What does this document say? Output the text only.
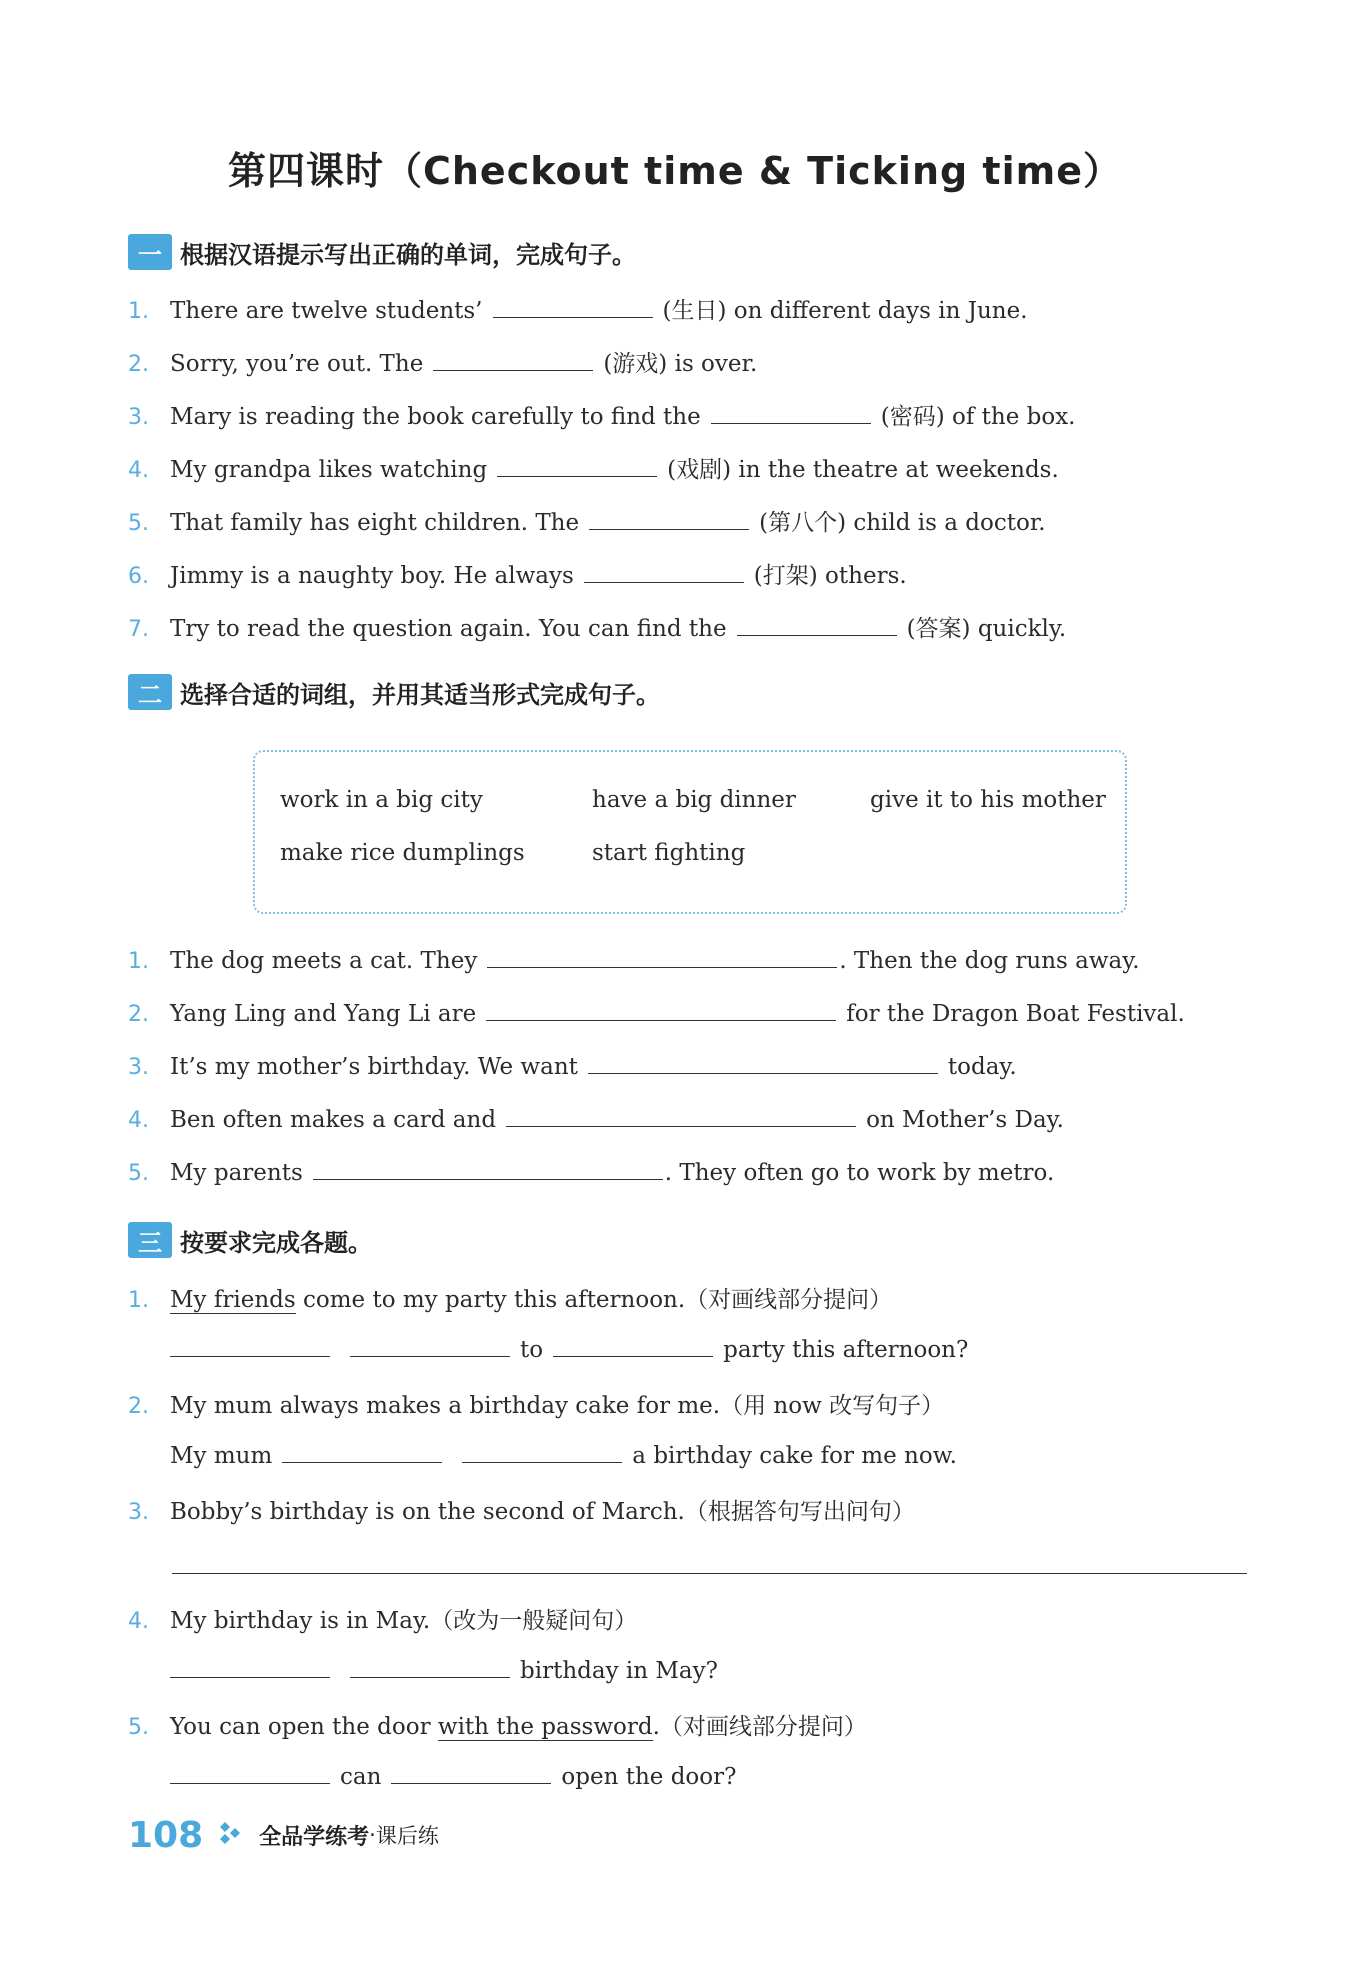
第四课时（Checkout time & Ticking time）
一 根据汉语提示写出正确的单词，完成句子。
1. There are twelve students’	(生日) on different days in June.
2. Sorry, you’re out. The	(游戏) is over.
3. Mary is reading the book carefully to find the	(密码) of the box.
4. My grandpa likes watching	(戏剧) in the theatre at weekends.
5. That family has eight children. The	(第八个) child is a doctor.
6. Jimmy is a naughty boy. He always	(打架) others.
7. Try to read the question again. You can find the	(答案) quickly.
二 选择合适的词组，并用其适当形式完成句子。
work in a big city	have a big dinner	give it to his mother
make rice dumplings	start fighting
1. The dog meets a cat. They	. Then the dog runs away.
2. Yang Ling and Yang Li are	for the Dragon Boat Festival.
3. It’s my mother’s birthday. We want	today.
4. Ben often makes a card and	on Mother’s Day.
5. My parents	. They often go to work by metro.
三 按要求完成各题。
1. My friends
come to my party this afternoon. （对画线部分提问）
to	party this afternoon?
2. My mum always makes a birthday cake for me. （用 now 改写句子）
My mum	a birthday cake for me now.
3. Bobby’s birthday is on the second of March. （根据答句写出问句）
4. My birthday is in May. （改为一般疑问句）
birthday in May?
5. You can open the door
with the password . （对画线部分提问）
can	open the door?
108	全品学练考 · 课后练
